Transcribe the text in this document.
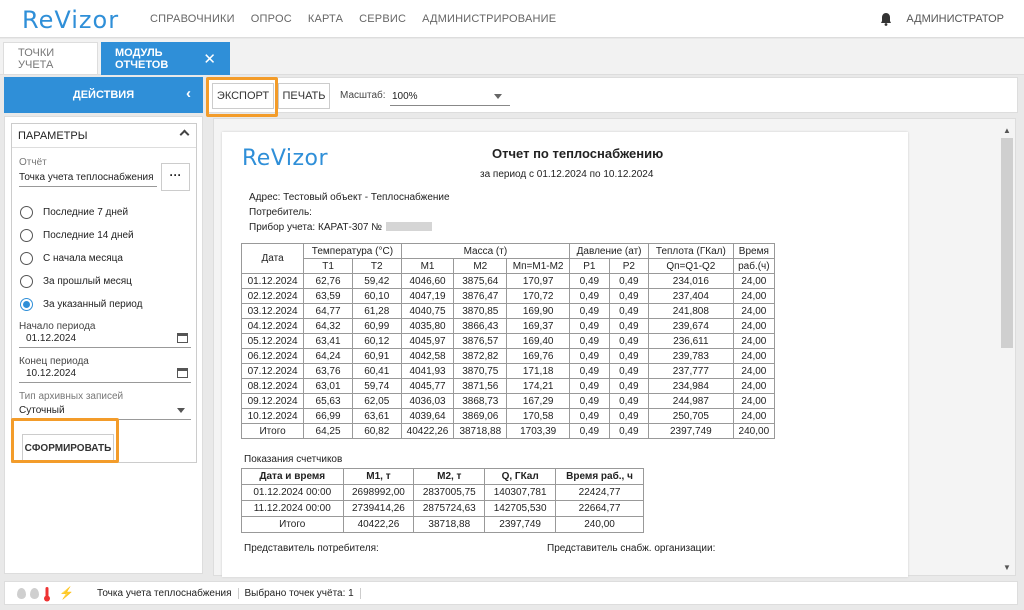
ReVizor	СПРАВОЧНИКИ ОПРОС КАРТА СЕРВИС АДМИНИСТРИРОВАНИЕ	АДМИНИСТРАТОР
ТОЧКИ УЧЕТА
МОДУЛЬ ОТЧЕТОВ	✕
ДЕЙСТВИЯ	‹	ЭКСПОРТ	ПЕЧАТЬ	Масштаб: 100%
ПАРАМЕТРЫ
Отчёт
Точка учета теплоснабжения	···
Последние 7 дней
Последние 14 дней
С начала месяца
За прошлый месяц
За указанный период
Начало периода
01.12.2024
Конец периода
10.12.2024
Тип архивных записей
Суточный
СФОРМИРОВАТЬ
ReVizor	Отчет по теплоснабжению
за период с 01.12.2024 по 10.12.2024
Адрес: Тестовый объект - Теплоснабжение
Потребитель:
Прибор учета: КАРАТ-307 №
Дата	Температура (°C)		Масса (т)			Давление (ат)		Теплота (ГКал)	Время
	T1	T2	M1	M2	Mп=M1-M2	P1	P2	Qп=Q1-Q2	раб.(ч)
01.12.2024	62,76	59,42	4046,60	3875,64	170,97	0,49	0,49	234,016	24,00
02.12.2024	63,59	60,10	4047,19	3876,47	170,72	0,49	0,49	237,404	24,00
03.12.2024	64,77	61,28	4040,75	3870,85	169,90	0,49	0,49	241,808	24,00
04.12.2024	64,32	60,99	4035,80	3866,43	169,37	0,49	0,49	239,674	24,00
05.12.2024	63,41	60,12	4045,97	3876,57	169,40	0,49	0,49	236,611	24,00
06.12.2024	64,24	60,91	4042,58	3872,82	169,76	0,49	0,49	239,783	24,00
07.12.2024	63,76	60,41	4041,93	3870,75	171,18	0,49	0,49	237,777	24,00
08.12.2024	63,01	59,74	4045,77	3871,56	174,21	0,49	0,49	234,984	24,00
09.12.2024	65,63	62,05	4036,03	3868,73	167,29	0,49	0,49	244,987	24,00
10.12.2024	66,99	63,61	4039,64	3869,06	170,58	0,49	0,49	250,705	24,00
Итого	64,25	60,82	40422,26	38718,88	1703,39	0,49	0,49	2397,749	240,00
Показания счетчиков
Дата и время	M1, т	M2, т	Q, ГКал	Время раб., ч
01.12.2024 00:00	2698992,00	2837005,75	140307,781	22424,77
11.12.2024 00:00	2739414,26	2875724,63	142705,530	22664,77
Итого	40422,26	38718,88	2397,749	240,00
Представитель потребителя:	Представитель снабж. организации:
▲
▼
⚡	Точка учета теплоснабжения	Выбрано точек учёта: 1
